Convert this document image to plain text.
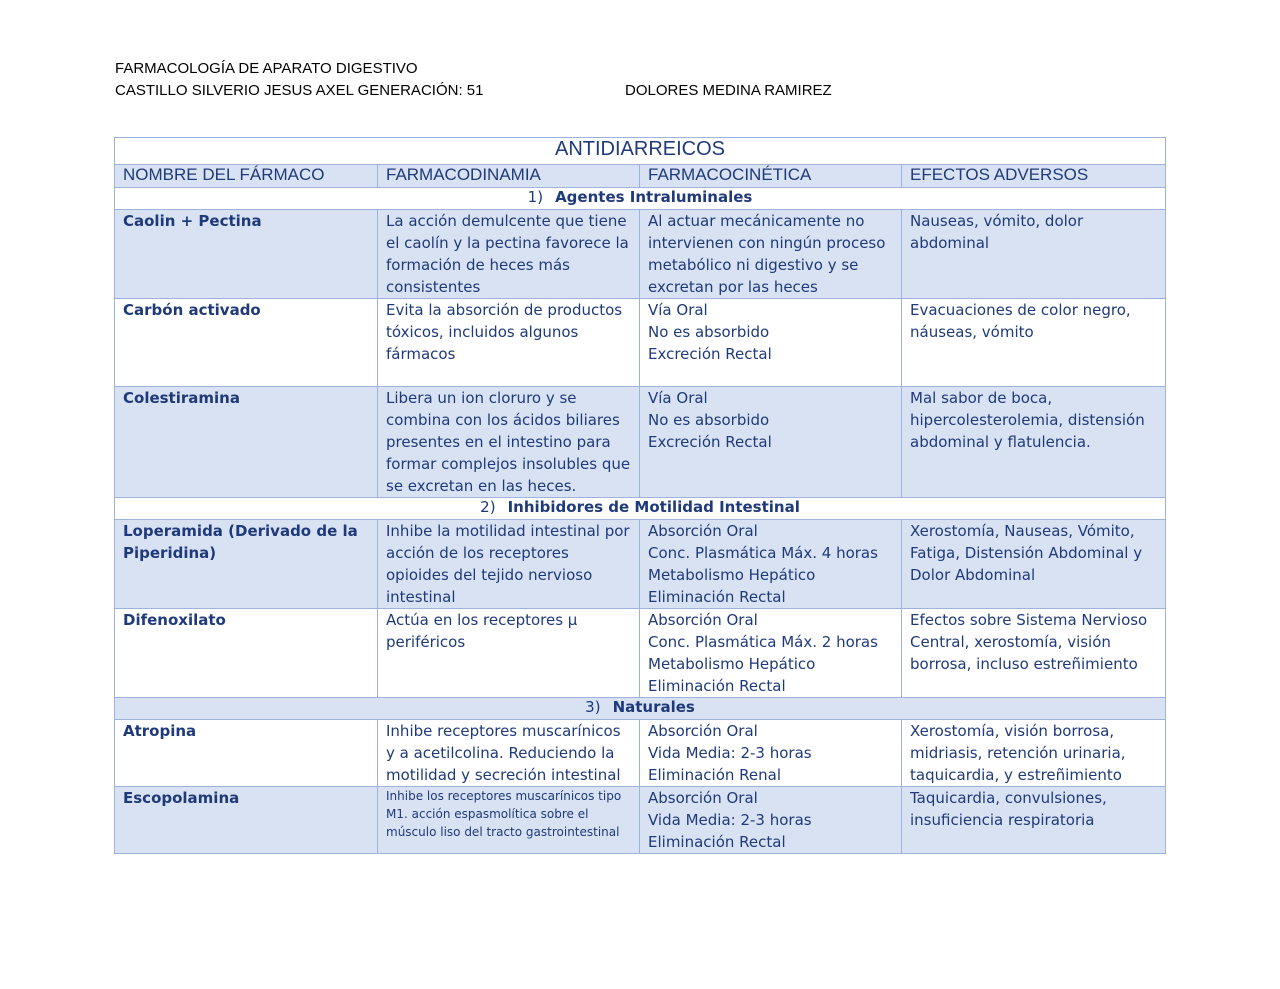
FARMACOLOGÍA DE APARATO DIGESTIVO
CASTILLO SILVERIO JESUS AXEL GENERACIÓN: 51	DOLORES MEDINA RAMIREZ
ANTIDIARREICOS			
NOMBRE DEL FÁRMACO	FARMACODINAMIA	FARMACOCINÉTICA	EFECTOS ADVERSOS
1) Agentes Intraluminales			
Caolin + Pectina	La acción demulcente que tiene el caolín y la pectina favorece la formación de heces más consistentes	Al actuar mecánicamente no intervienen con ningún proceso metabólico ni digestivo y se excretan por las heces	Nauseas, vómito, dolor abdominal
Carbón activado	Evita la absorción de productos tóxicos, incluidos algunos fármacos	Vía Oral
No es absorbido
Excreción Rectal	Evacuaciones de color negro, náuseas, vómito
Colestiramina	Libera un ion cloruro y se combina con los ácidos biliares presentes en el intestino para formar complejos insolubles que se excretan en las heces.	Vía Oral
No es absorbido
Excreción Rectal	Mal sabor de boca, hipercolesterolemia, distensión abdominal y flatulencia.
2) Inhibidores de Motilidad Intestinal			
Loperamida (Derivado de la Piperidina)	Inhibe la motilidad intestinal por acción de los receptores opioides del tejido nervioso intestinal	Absorción Oral
Conc. Plasmática Máx. 4 horas
Metabolismo Hepático
Eliminación Rectal	Xerostomía, Nauseas, Vómito, Fatiga, Distensión Abdominal y Dolor Abdominal
Difenoxilato	Actúa en los receptores μ periféricos	Absorción Oral
Conc. Plasmática Máx. 2 horas
Metabolismo Hepático
Eliminación Rectal	Efectos sobre Sistema Nervioso Central, xerostomía, visión borrosa, incluso estreñimiento
3) Naturales			
Atropina	Inhibe receptores muscarínicos y a acetilcolina. Reduciendo la motilidad y secreción intestinal	Absorción Oral
Vida Media: 2-3 horas
Eliminación Renal	Xerostomía, visión borrosa, midriasis, retención urinaria, taquicardia, y estreñimiento
Escopolamina	Inhibe los receptores muscarínicos tipo M1. acción espasmolítica sobre el músculo liso del tracto gastrointestinal	Absorción Oral
Vida Media: 2-3 horas
Eliminación Rectal	Taquicardia, convulsiones, insuficiencia respiratoria
